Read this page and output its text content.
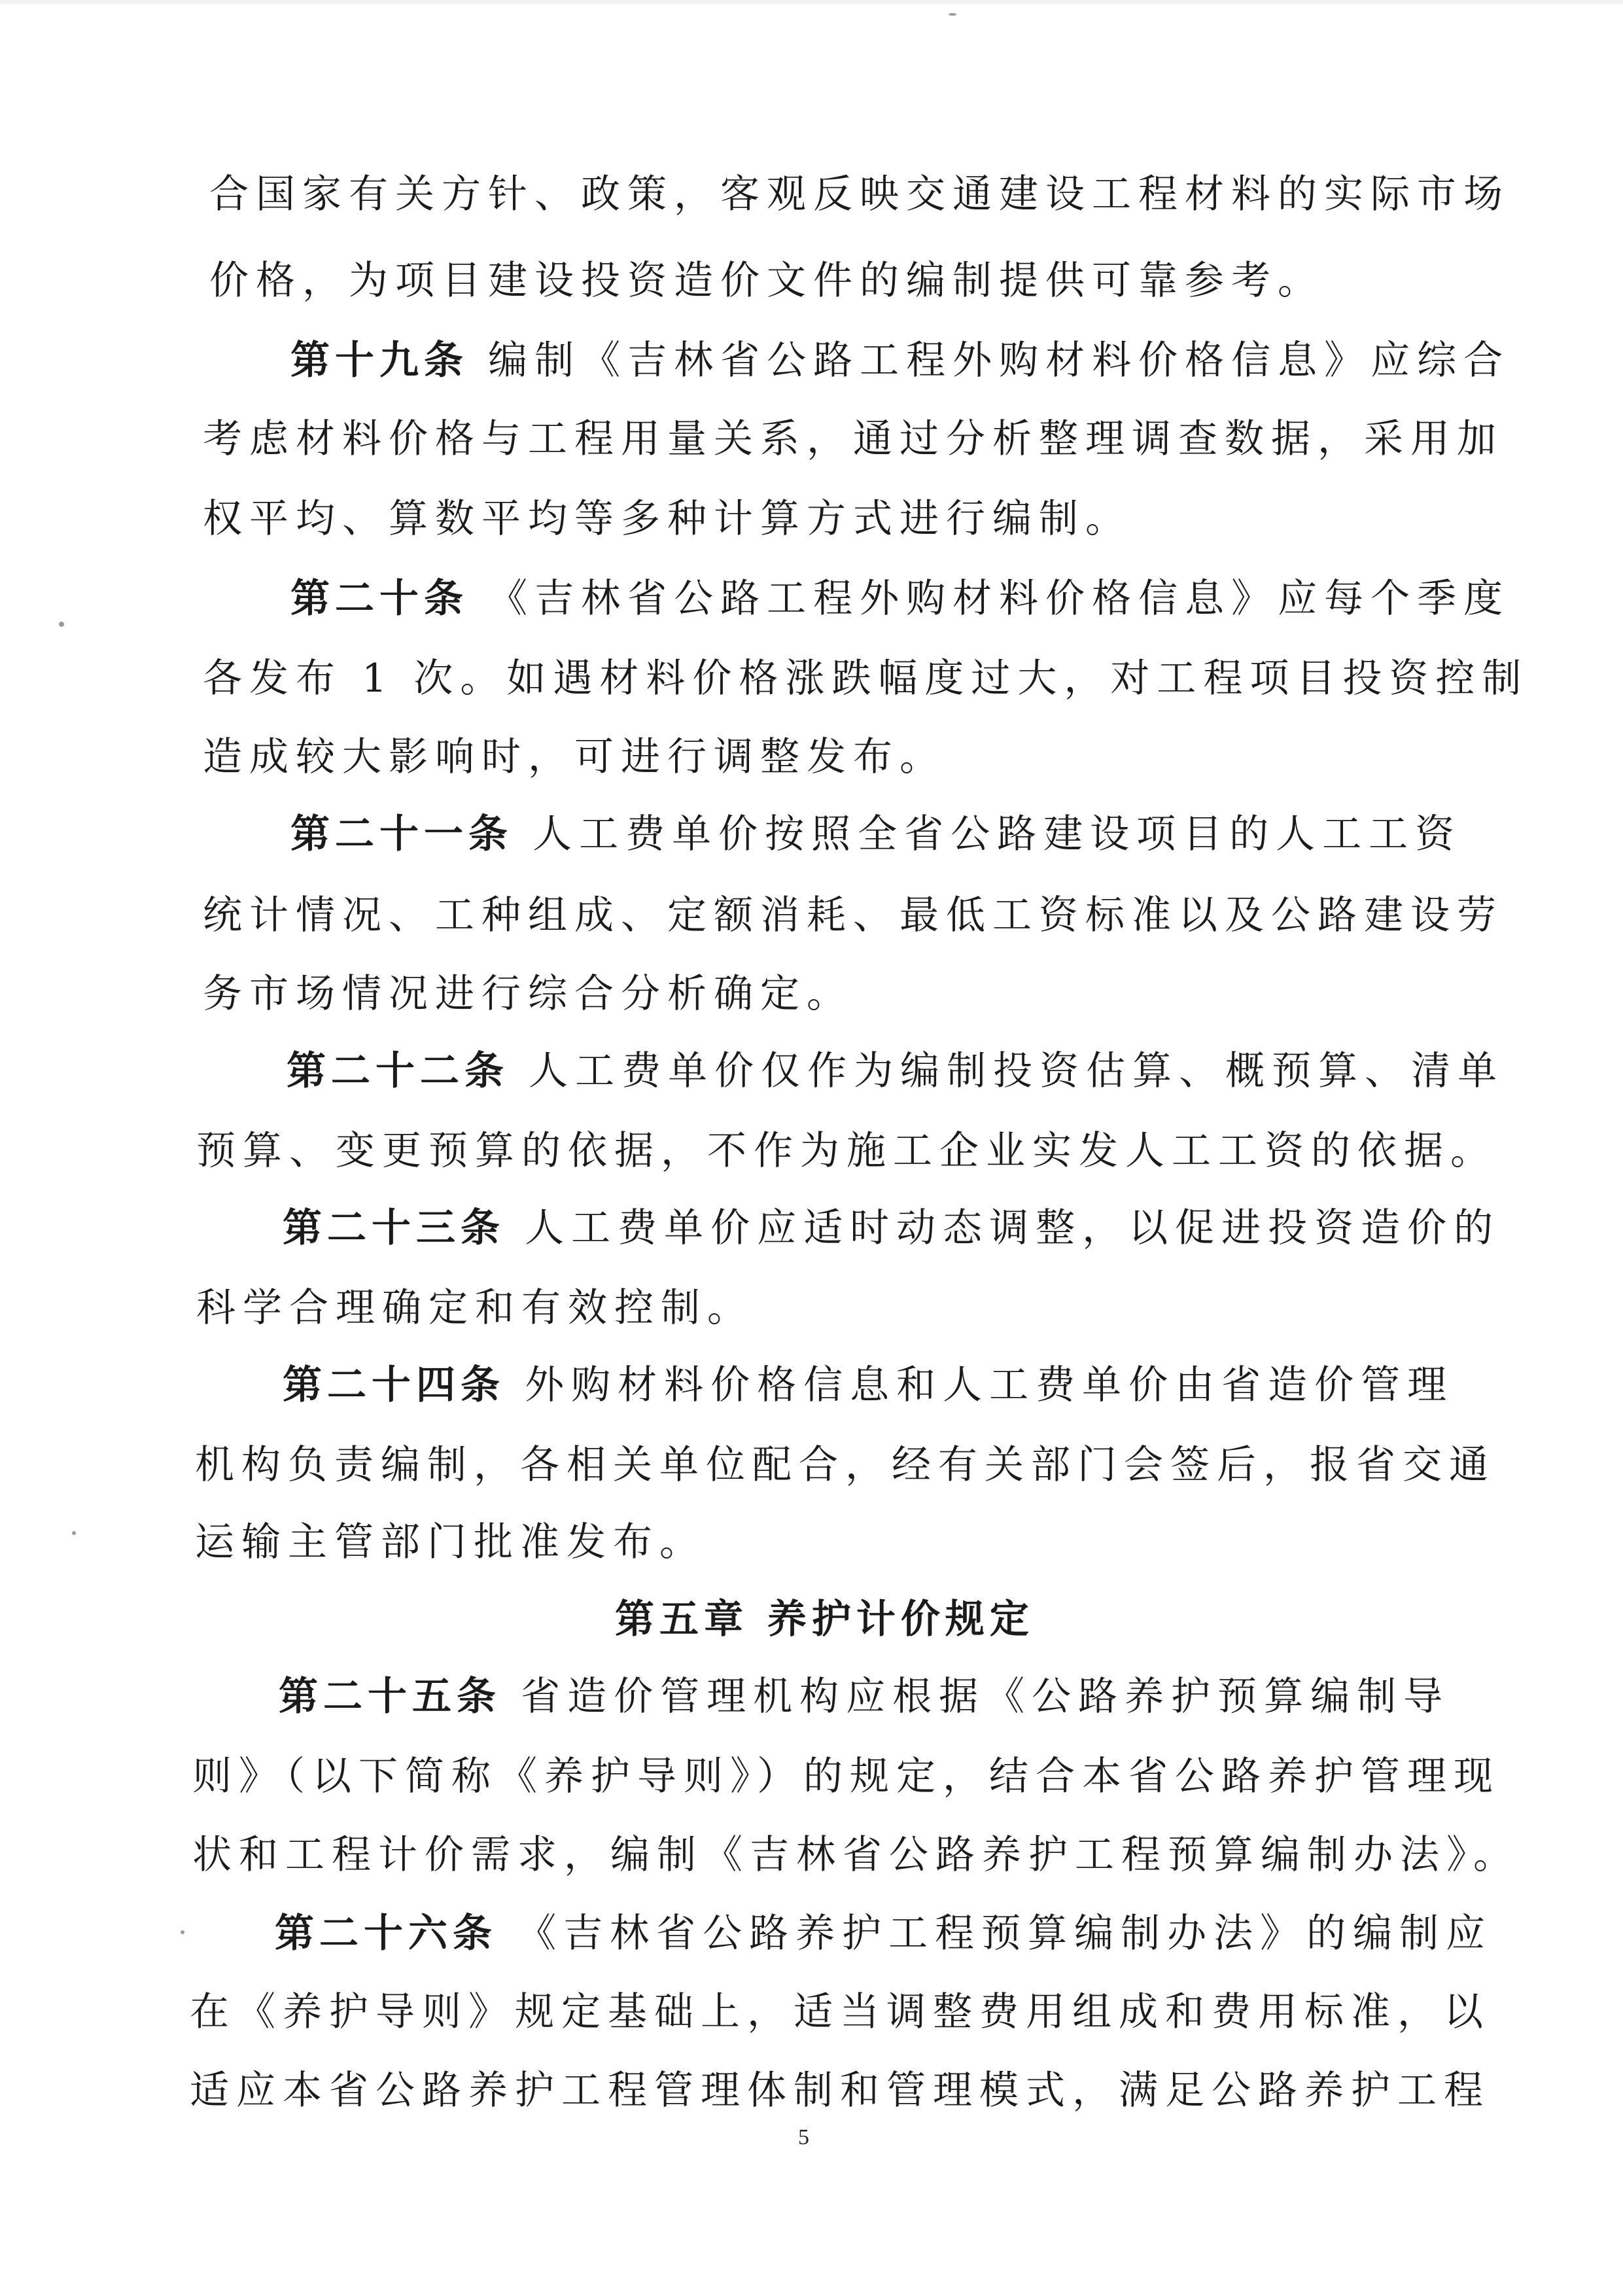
合国家有关方针、政策，客观反映交通建设工程材料的实际市场
价格，为项目建设投资造价文件的编制提供可靠参考。
第十九条 编制《吉林省公路工程外购材料价格信息》应综合
考虑材料价格与工程用量关系，通过分析整理调查数据，采用加
权平均、算数平均等多种计算方式进行编制。
第二十条 《吉林省公路工程外购材料价格信息》应每个季度
各发布 1 次。如遇材料价格涨跌幅度过大，对工程项目投资控制
造成较大影响时，可进行调整发布。
第二十一条 人工费单价按照全省公路建设项目的人工工资
统计情况、工种组成、定额消耗、最低工资标准以及公路建设劳
务市场情况进行综合分析确定。
第二十二条 人工费单价仅作为编制投资估算、概预算、清单
预算、变更预算的依据，不作为施工企业实发人工工资的依据。
第二十三条 人工费单价应适时动态调整，以促进投资造价的
科学合理确定和有效控制。
第二十四条 外购材料价格信息和人工费单价由省造价管理
机构负责编制，各相关单位配合，经有关部门会签后，报省交通
运输主管部门批准发布。
第五章 养护计价规定
第二十五条 省造价管理机构应根据《公路养护预算编制导
则》（以下简称《养护导则》）的规定，结合本省公路养护管理现
状和工程计价需求，编制《吉林省公路养护工程预算编制办法》。
第二十六条 《吉林省公路养护工程预算编制办法》的编制应
在《养护导则》规定基础上，适当调整费用组成和费用标准，以
适应本省公路养护工程管理体制和管理模式，满足公路养护工程
5
